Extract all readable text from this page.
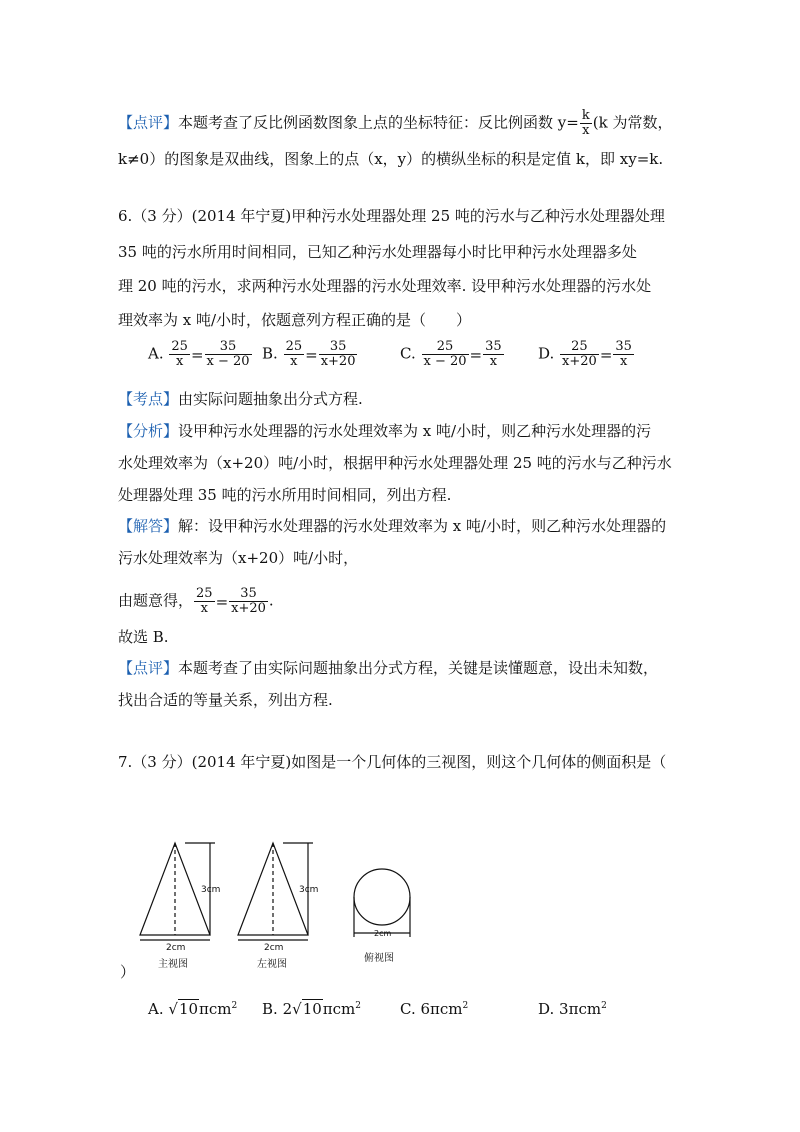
【点评】本题考查了反比例函数图象上点的坐标特征：反比例函数 $y= \frac{k}{x} (k$ 为常数，
k≠0）的图象是双曲线，图象上的点（x，y）的横纵坐标的积是定值 k，即 xy=k.
6.（3 分）(2014 年宁夏)甲种污水处理器处理 25 吨的污水与乙种污水处理器处理
35 吨的污水所用时间相同，已知乙种污水处理器每小时比甲种污水处理器多处
理 20 吨的污水，求两种污水处理器的污水处理效率. 设甲种污水处理器的污水处
理效率为 x 吨/小时，依题意列方程正确的是（　　）
A. $\frac{25}{x} = \frac{35}{x - 20} B$. $\frac{25}{x} = \frac{35}{x+20}$	C. $\frac{25}{x - 20} = \frac{35}{x} D$. $\frac{25}{x+20} = \frac{35}{x}$
【考点】由实际问题抽象出分式方程.
【分析】设甲种污水处理器的污水处理效率为 x 吨/小时，则乙种污水处理器的污
水处理效率为（x+20）吨/小时，根据甲种污水处理器处理 25 吨的污水与乙种污水
处理器处理 35 吨的污水所用时间相同，列出方程.
【解答】解：设甲种污水处理器的污水处理效率为 x 吨/小时，则乙种污水处理器的
污水处理效率为（x+20）吨/小时，
由题意得， $\frac{25}{x} = \frac{35}{x+20}$ .
故选 B.
【点评】本题考查了由实际问题抽象出分式方程，关键是读懂题意，设出未知数，
找出合适的等量关系，列出方程.
7.（3 分）(2014 年宁夏)如图是一个几何体的三视图，则这个几何体的侧面积是（
3cm
2cm
主视图
3cm
2cm
左视图
2cm
俯视图
）
A. √10πcm$^2$ B. 2√10πcm$^2$	C. 6πcm$^2$	D. 3πcm$^2$
